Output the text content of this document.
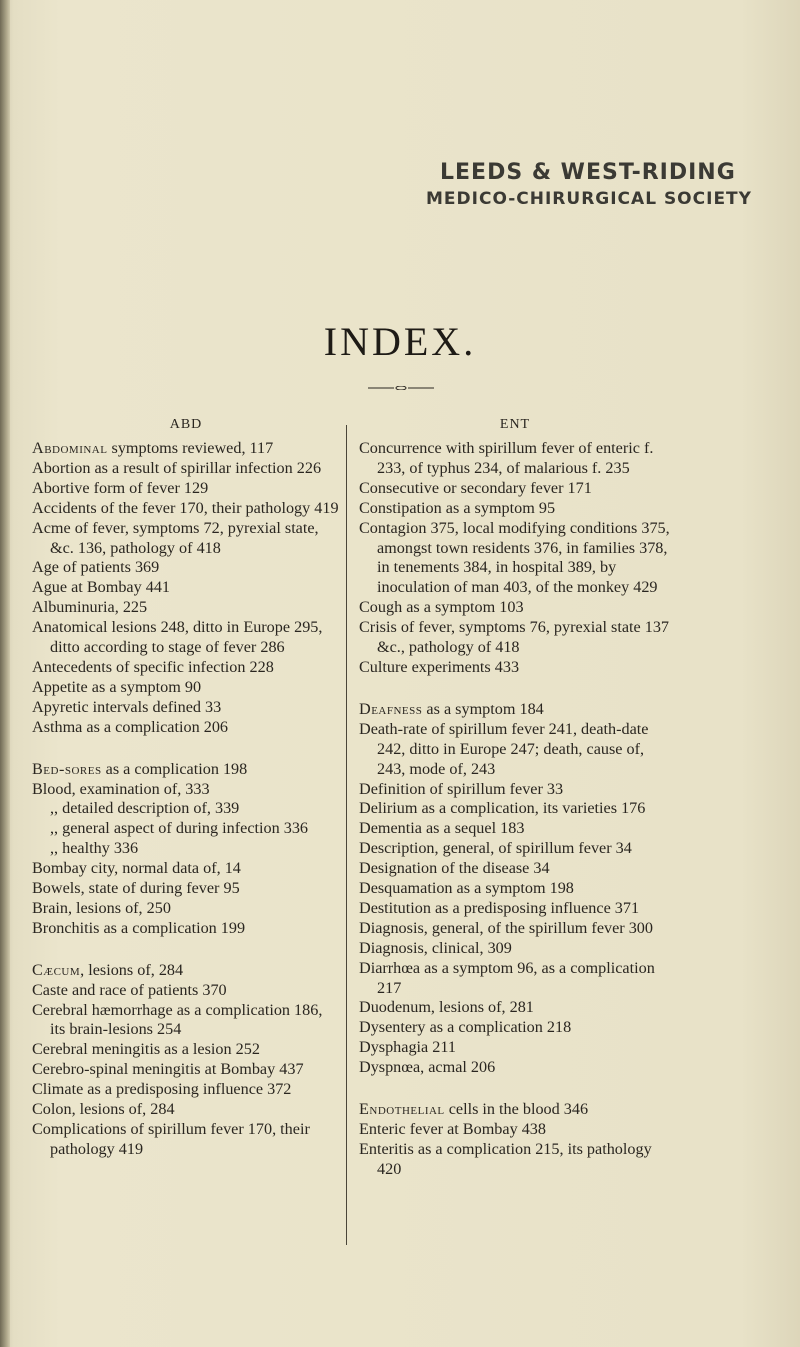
LEEDS & WEST-RIDING
MEDICO-CHIRURGICAL SOCIETY
INDEX.
ABD
Abdominal symptoms reviewed, 117
Abortion as a result of spirillar infection 226
Abortive form of fever 129
Accidents of the fever 170, their pathology 419
Acme of fever, symptoms 72, pyrexial state, &c. 136, pathology of 418
Age of patients 369
Ague at Bombay 441
Albuminuria, 225
Anatomical lesions 248, ditto in Europe 295, ditto according to stage of fever 286
Antecedents of specific infection 228
Appetite as a symptom 90
Apyretic intervals defined 33
Asthma as a complication 206
Bed-sores as a complication 198
Blood, examination of, 333
,, detailed description of, 339
,, general aspect of during infection 336
,, healthy 336
Bombay city, normal data of, 14
Bowels, state of during fever 95
Brain, lesions of, 250
Bronchitis as a complication 199
Cæcum, lesions of, 284
Caste and race of patients 370
Cerebral hæmorrhage as a complication 186, its brain-lesions 254
Cerebral meningitis as a lesion 252
Cerebro-spinal meningitis at Bombay 437
Climate as a predisposing influence 372
Colon, lesions of, 284
Complications of spirillum fever 170, their pathology 419
ENT
Concurrence with spirillum fever of enteric f. 233, of typhus 234, of malarious f. 235
Consecutive or secondary fever 171
Constipation as a symptom 95
Contagion 375, local modifying conditions 375, amongst town residents 376, in families 378, in tenements 384, in hospital 389, by inoculation of man 403, of the monkey 429
Cough as a symptom 103
Crisis of fever, symptoms 76, pyrexial state 137 &c., pathology of 418
Culture experiments 433
Deafness as a symptom 184
Death-rate of spirillum fever 241, death-date 242, ditto in Europe 247; death, cause of, 243, mode of, 243
Definition of spirillum fever 33
Delirium as a complication, its varieties 176
Dementia as a sequel 183
Description, general, of spirillum fever 34
Designation of the disease 34
Desquamation as a symptom 198
Destitution as a predisposing influence 371
Diagnosis, general, of the spirillum fever 300
Diagnosis, clinical, 309
Diarrhœa as a symptom 96, as a complication 217
Duodenum, lesions of, 281
Dysentery as a complication 218
Dysphagia 211
Dyspnœa, acmal 206
Endothelial cells in the blood 346
Enteric fever at Bombay 438
Enteritis as a complication 215, its pathology 420
